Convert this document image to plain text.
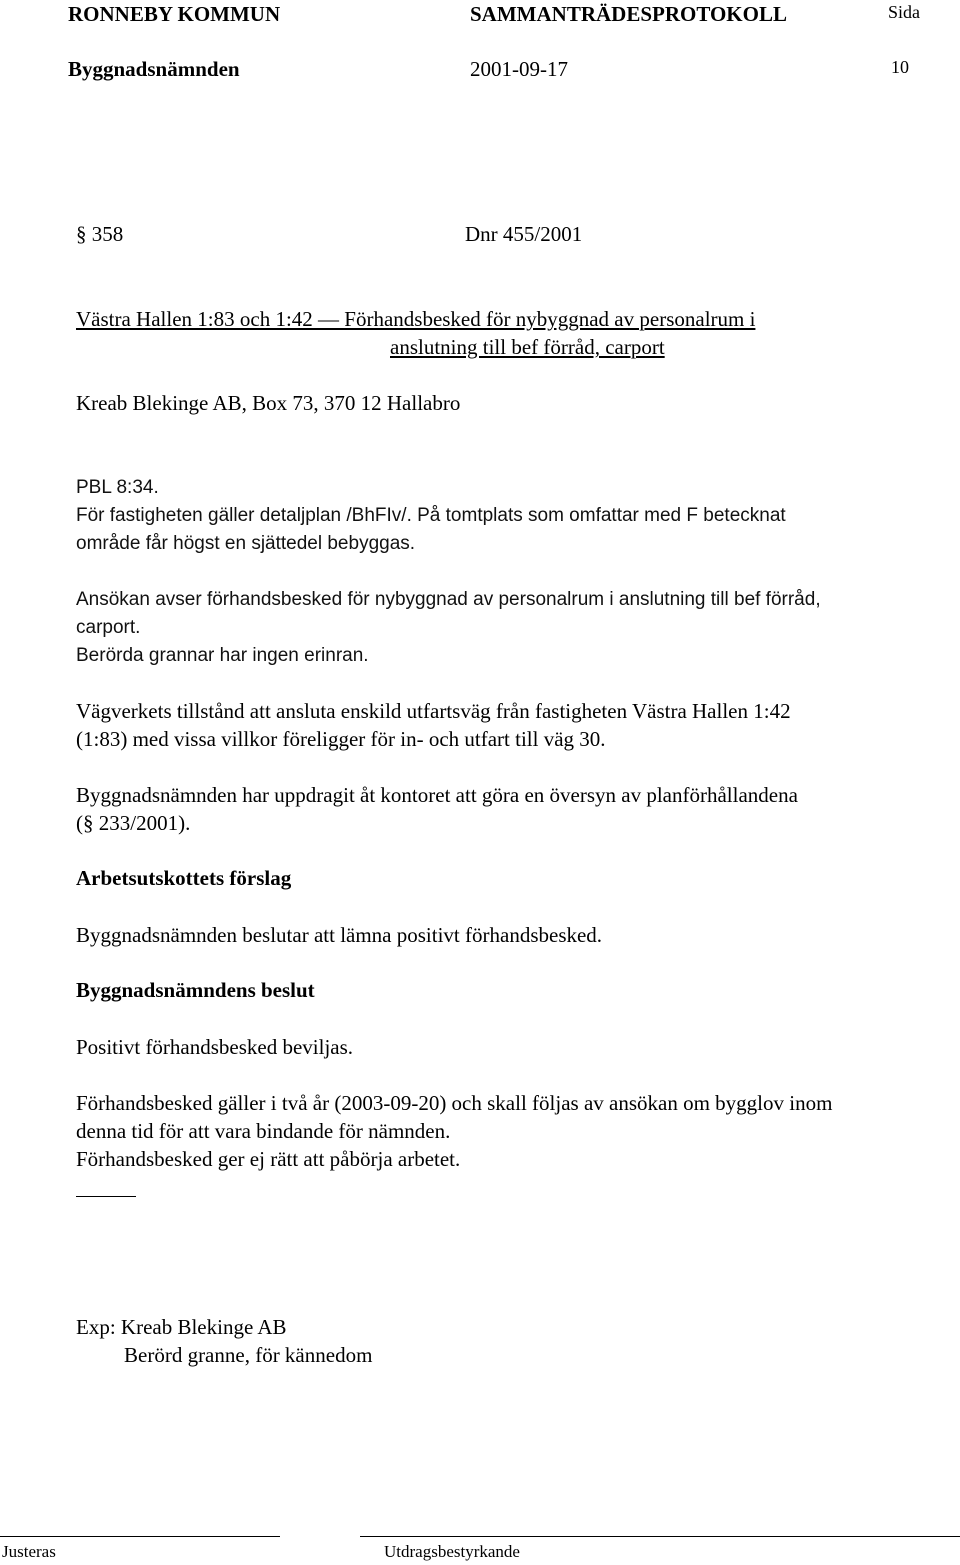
RONNEBY KOMMUN	SAMMANTRÄDESPROTOKOLL	Sida
Byggnadsnämnden	2001-09-17	10
§ 358	Dnr 455/2001
Västra Hallen 1:83 och 1:42 — Förhandsbesked för nybyggnad av personalrum i
anslutning till bef förråd, carport
Kreab Blekinge AB, Box 73, 370 12 Hallabro
PBL 8:34.
För fastigheten gäller detaljplan /BhFIv/. På tomtplats som omfattar med F betecknat
område får högst en sjättedel bebyggas.
Ansökan avser förhandsbesked för nybyggnad av personalrum i anslutning till bef förråd,
carport.
Berörda grannar har ingen erinran.
Vägverkets tillstånd att ansluta enskild utfartsväg från fastigheten Västra Hallen 1:42
(1:83) med vissa villkor föreligger för in- och utfart till väg 30.
Byggnadsnämnden har uppdragit åt kontoret att göra en översyn av planförhållandena
(§ 233/2001).
Arbetsutskottets förslag
Byggnadsnämnden beslutar att lämna positivt förhandsbesked.
Byggnadsnämndens beslut
Positivt förhandsbesked beviljas.
Förhandsbesked gäller i två år (2003-09-20) och skall följas av ansökan om bygglov inom
denna tid för att vara bindande för nämnden.
Förhandsbesked ger ej rätt att påbörja arbetet.
Exp: Kreab Blekinge AB
Berörd granne, för kännedom
Justeras	Utdragsbestyrkande
